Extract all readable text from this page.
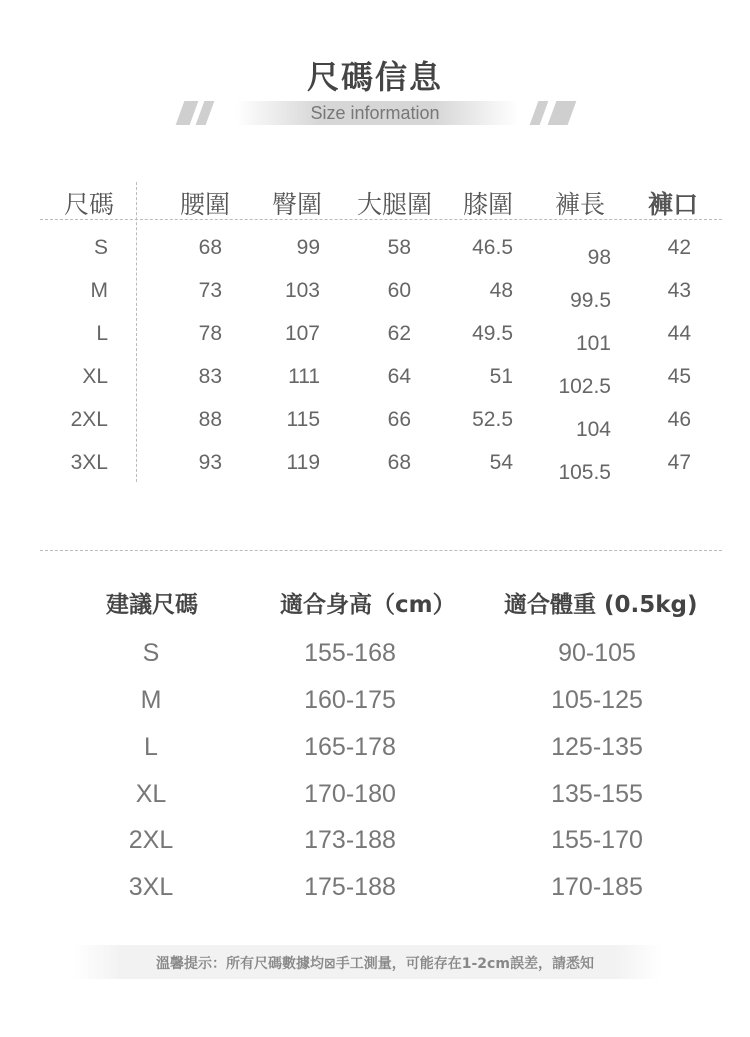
尺碼信息
Size information
尺碼	腰圍 臀圍 大腿圍 膝圍 褲長 褲口
S	68	99	58	46.5	98	42
M	73	103	60	48	99.5	43
L	78	107	62	49.5	101	44
XL	83	111	64	51 102.5	45
2XL	88	115	66	52.5	104	46
3XL	93	119	68	54 105.5	47
建議尺碼	適合身高（cm） 適合體重 (0.5kg)
S	155-168	90-105
M	160-175	105-125
L	165-178	125-135
XL	170-180	135-155
2XL	173-188	155-170
3XL	175-188	170-185
溫馨提示：所有尺碼數據均⊠手工測量，可能存在1-2cm誤差，請悉知
